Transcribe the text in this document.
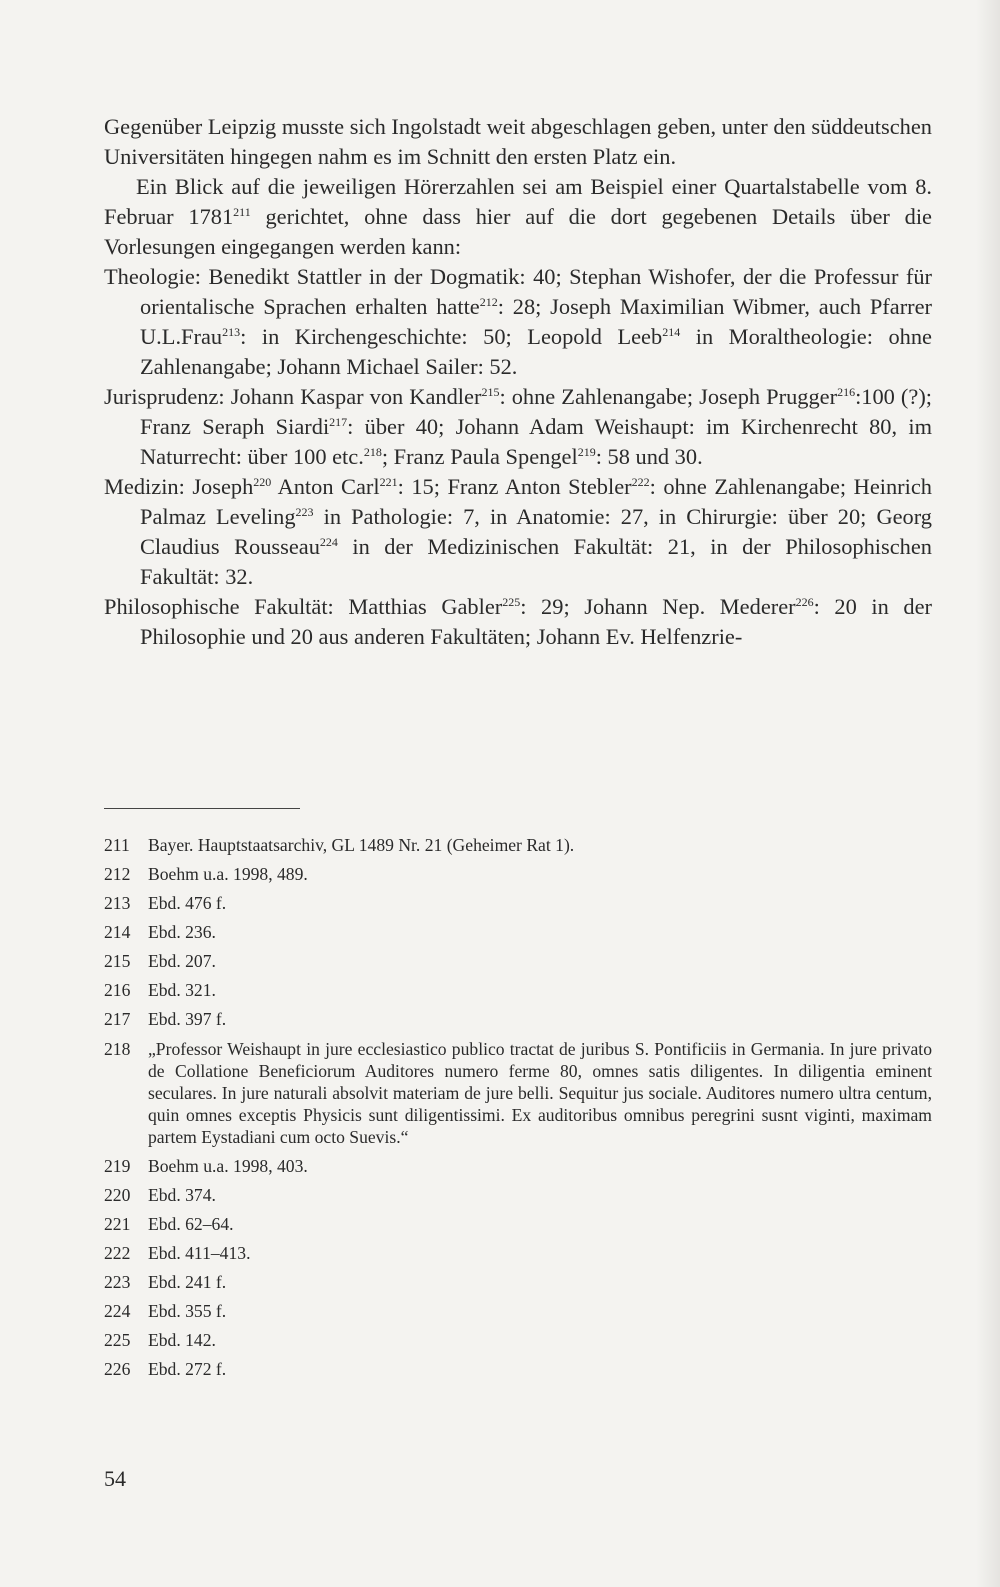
Gegenüber Leipzig musste sich Ingolstadt weit abgeschlagen geben, unter den süddeutschen Universitäten hingegen nahm es im Schnitt den ersten Platz ein.

Ein Blick auf die jeweiligen Hörerzahlen sei am Beispiel einer Quartalstabelle vom 8. Februar 1781$^{211}$ gerichtet, ohne dass hier auf die dort gegebenen Details über die Vorlesungen eingegangen werden kann:

Theologie: Benedikt Stattler in der Dogmatik: 40; Stephan Wishofer, der die Professur für orientalische Sprachen erhalten hatte$^{212}$: 28; Joseph Maximilian Wibmer, auch Pfarrer U.L.Frau$^{213}$: in Kirchengeschichte: 50; Leopold Leeb$^{214}$ in Moraltheologie: ohne Zahlenangabe; Johann Michael Sailer: 52.

Jurisprudenz: Johann Kaspar von Kandler$^{215}$: ohne Zahlenangabe; Joseph Prugger$^{216}$:100 (?); Franz Seraph Siardi$^{217}$: über 40; Johann Adam Weishaupt: im Kirchenrecht 80, im Naturrecht: über 100 etc.$^{218}$; Franz Paula Spengel$^{219}$: 58 und 30.

Medizin: Joseph$^{220}$ Anton Carl$^{221}$: 15; Franz Anton Stebler$^{222}$: ohne Zahlenangabe; Heinrich Palmaz Leveling$^{223}$ in Pathologie: 7, in Anatomie: 27, in Chirurgie: über 20; Georg Claudius Rousseau$^{224}$ in der Medizinischen Fakultät: 21, in der Philosophischen Fakultät: 32.

Philosophische Fakultät: Matthias Gabler$^{225}$: 29; Johann Nep. Mederer$^{226}$: 20 in der Philosophie und 20 aus anderen Fakultäten; Johann Ev. Helfenzrie-

211	Bayer. Hauptstaatsarchiv, GL 1489 Nr. 21 (Geheimer Rat 1).
212	Boehm u.a. 1998, 489.
213	Ebd. 476 f.
214	Ebd. 236.
215	Ebd. 207.
216	Ebd. 321.
217	Ebd. 397 f.
218	„Professor Weishaupt in jure ecclesiastico publico tractat de juribus S. Pontificiis in Germania. In jure privato de Collatione Beneficiorum Auditores numero ferme 80, omnes satis diligentes. In diligentia eminent seculares. In jure naturali absolvit materiam de jure belli. Sequitur jus sociale. Auditores numero ultra centum, quin omnes exceptis Physicis sunt diligentissimi. Ex auditoribus omnibus peregrini susnt viginti, maximam partem Eystadiani cum octo Suevis.“
219	Boehm u.a. 1998, 403.
220	Ebd. 374.
221	Ebd. 62–64.
222	Ebd. 411–413.
223	Ebd. 241 f.
224	Ebd. 355 f.
225	Ebd. 142.
226	Ebd. 272 f.
54
